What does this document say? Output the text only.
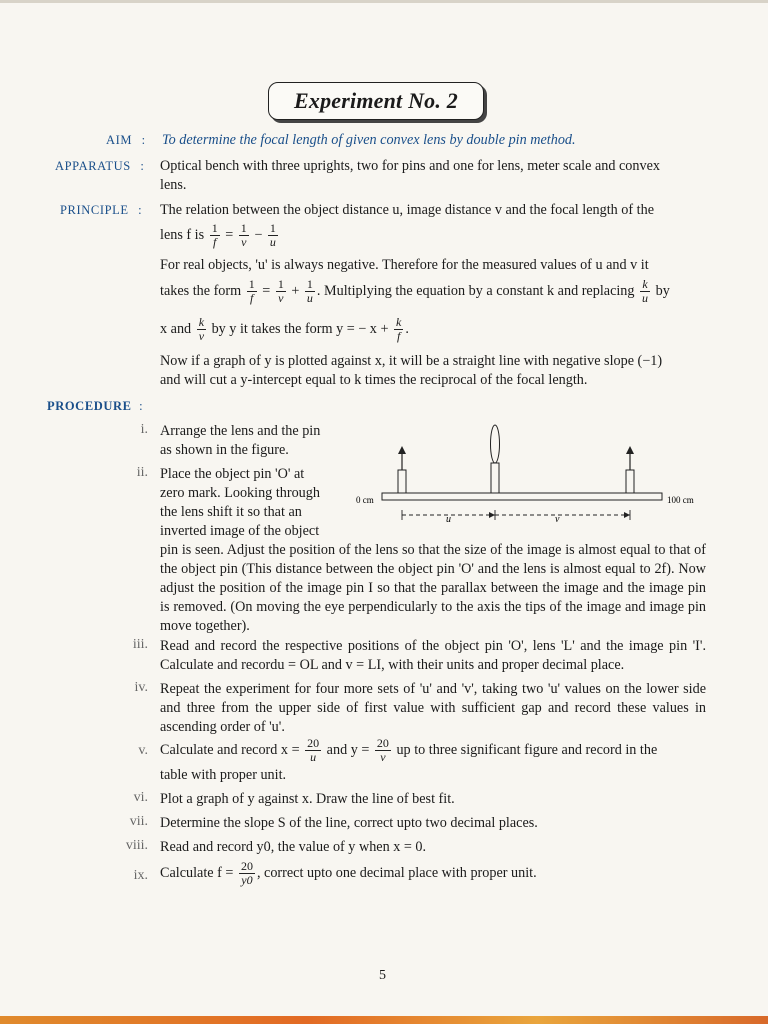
Experiment No. 2
AIM : To determine the focal length of given convex lens by double pin method.
APPARATUS : Optical bench with three uprights, two for pins and one for lens, meter scale and convex
lens.
PRINCIPLE : The relation between the object distance u, image distance v and the focal length of the
lens f is $\frac{1}{f} = \frac{1}{v} - \frac{1}{u}$
For real objects, 'u' is always negative. Therefore for the measured values of u and v it
takes the form $\frac{1}{f} = \frac{1}{v} + \frac{1}{u}$ . Multiplying the equation by a constant k and replacing $\frac{k}{u}$ by
x and $\frac{k}{v}$ by y it takes the form y = − $x + \frac{k}{f}$ .
Now if a graph of y is plotted against x, it will be a straight line with negative slope (−1)
and will cut a y-intercept equal to k times the reciprocal of the focal length.
PROCEDURE :
i. Arrange the lens and the pin
as shown in the figure.
ii. Place the object pin 'O' at
zero mark. Looking through
the lens shift it so that an
inverted image of the object
pin is seen. Adjust the position of the lens so that the size of the image is almost equal to that of the object pin (This distance between the object pin 'O' and the lens is almost equal to 2f). Now adjust the position of the image pin I so that the parallax between the image and the image pin is removed. (On moving the eye perpendicularly to the axis the tips of the image and image pin move together).
0 cm	100 cm
u	v
iii. Read and record the respective positions of the object pin 'O', lens 'L' and the image pin 'I'. Calculate and recordu = OL and v = LI, with their units and proper decimal place.
iv. Repeat the experiment for four more sets of 'u' and 'v', taking two 'u' values on the lower side and three from the upper side of first value with sufficient gap and record these values in ascending order of 'u'.
v. Calculate and record $x = \frac{20}{u}$ and $y = \frac{20}{v}$ up to three significant figure and record in the
table with proper unit.
vi. Plot a graph of y against x. Draw the line of best fit.
vii. Determine the slope S of the line, correct upto two decimal places.
viii. Read and record y0, the value of y when x = 0.
ix. Calculate $f = \frac{20}{y0}$ , correct upto one decimal place with proper unit.
5
